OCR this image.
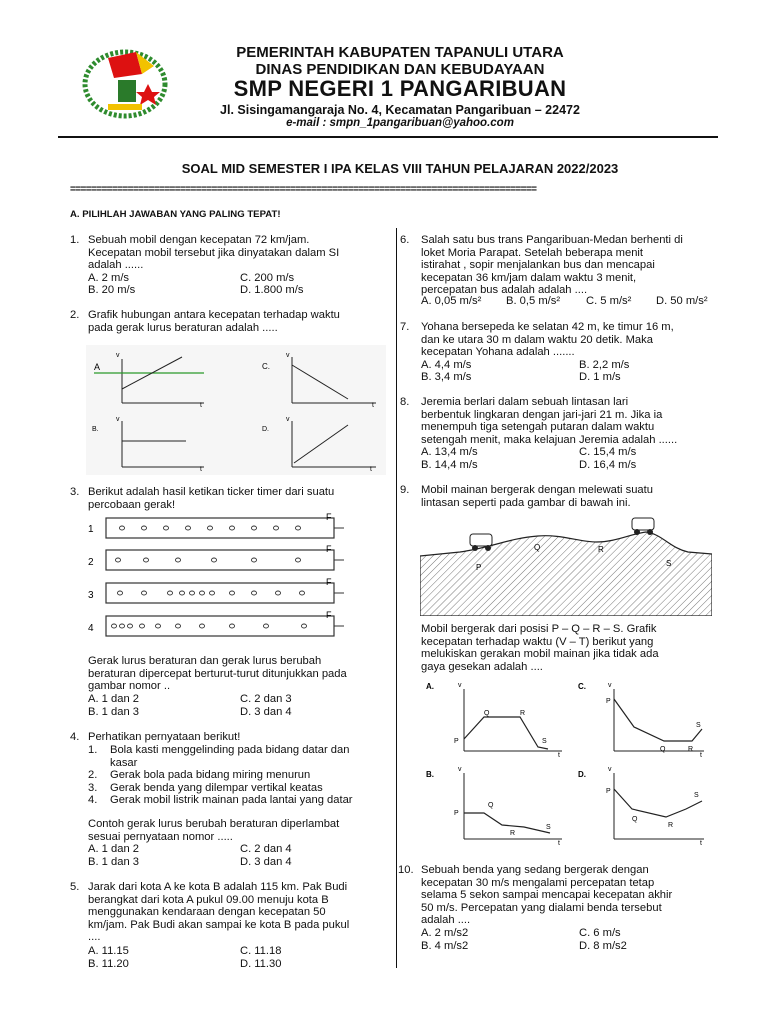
PEMERINTAH KABUPATEN TAPANULI UTARA
DINAS PENDIDIKAN DAN KEBUDAYAAN
SMP NEGERI 1 PANGARIBUAN
Jl. Sisingamangaraja No. 4, Kecamatan Pangaribuan – 22472
e-mail : smpn_1pangaribuan@yahoo.com
SOAL MID SEMESTER I IPA KELAS VIII TAHUN PELAJARAN 2022/2023
=========================================================================================
A. PILIHLAH JAWABAN YANG PALING TEPAT!
1. Sebuah mobil dengan kecepatan 72 km/jam.
Kecepatan mobil tersebut jika dinyatakan dalam SI
adalah ......
A. 2 m/s	C. 200 m/s
B. 20 m/s	D. 1.800 m/s
2. Grafik hubungan antara kecepatan terhadap waktu
pada gerak lurus beraturan adalah .....
A
v
t
C.
v
t
B.
v
t
D.
v
t
3. Berikut adalah hasil ketikan ticker timer dari suatu
percobaan gerak!
1
F
2
F
3
F
4
F
Gerak lurus beraturan dan gerak lurus berubah
beraturan dipercepat berturut-turut ditunjukkan pada
gambar nomor ..
A. 1 dan 2	C. 2 dan 3
B. 1 dan 3	D. 3 dan 4
4. Perhatikan pernyataan berikut!
1. Bola kasti menggelinding pada bidang datar dan
kasar
2. Gerak bola pada bidang miring menurun
3. Gerak benda yang dilempar vertikal keatas
4. Gerak mobil listrik mainan pada lantai yang datar
Contoh gerak lurus berubah beraturan diperlambat
sesuai pernyataan nomor .....
A. 1 dan 2	C. 2 dan 4
B. 1 dan 3	D. 3 dan 4
5. Jarak dari kota A ke kota B adalah 115 km. Pak Budi
berangkat dari kota A pukul 09.00 menuju kota B
menggunakan kendaraan dengan kecepatan 50
km/jam. Pak Budi akan sampai ke kota B pada pukul
....
A. 11.15	C. 11.18
B. 11.20	D. 11.30
6. Salah satu bus trans Pangaribuan-Medan berhenti di
loket Moria Parapat. Setelah beberapa menit
istirahat , sopir menjalankan bus dan mencapai
kecepatan 36 km/jam dalam waktu 3 menit,
percepatan bus adalah adalah ....
A. 0,05 m/s² B. 0,5 m/s² C. 5 m/s² D. 50 m/s²
7. Yohana bersepeda ke selatan 42 m, ke timur 16 m,
dan ke utara 30 m dalam waktu 20 detik. Maka
kecepatan Yohana adalah .......
A. 4,4 m/s	B. 2,2 m/s
B. 3,4 m/s	D. 1 m/s
8. Jeremia berlari dalam sebuah lintasan lari
berbentuk lingkaran dengan jari-jari 21 m. Jika ia
menempuh tiga setengah putaran dalam waktu
setengah menit, maka kelajuan Jeremia adalah ......
A. 13,4 m/s	C. 15,4 m/s
B. 14,4 m/s	D. 16,4 m/s
9. Mobil mainan bergerak dengan melewati suatu
lintasan seperti pada gambar di bawah ini.
P
Q	R
S
Mobil bergerak dari posisi P – Q – R – S. Grafik
kecepatan terhadap waktu (V – T) berikut yang
melukiskan gerakan mobil mainan jika tidak ada
gaya gesekan adalah ....
A.	v
t
P
Q	R
S
C.	v
t
P
Q	R
S
B.
v
t
P
Q
R
S
D.
v
t
P
Q
R
S
10. Sebuah benda yang sedang bergerak dengan
kecepatan 30 m/s mengalami percepatan tetap
selama 5 sekon sampai mencapai kecepatan akhir
50 m/s. Percepatan yang dialami benda tersebut
adalah ....
A. 2 m/s2	C. 6 m/s
B. 4 m/s2	D. 8 m/s2
